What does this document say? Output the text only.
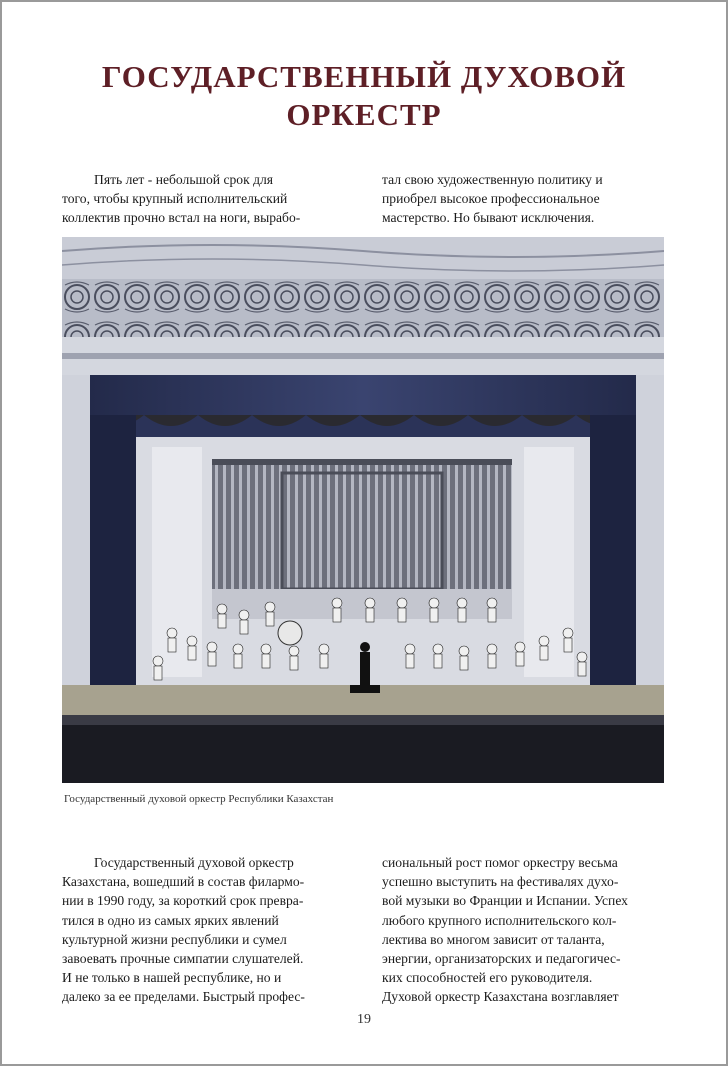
ГОСУДАРСТВЕННЫЙ ДУХОВОЙ
ОРКЕСТР

Пять лет - небольшой срок для

того, чтобы крупный исполнительский

коллектив прочно встал на ноги, вырабо-

тал свою художественную политику и

приобрел высокое профессиональное

мастерство. Но бывают исключения.

Государственный духовой оркестр Республики Казахстан

Государственный духовой оркестр

Казахстана, вошедший в состав филармо-

нии в 1990 году, за короткий срок превра-

тился в одно из самых ярких явлений

культурной жизни республики и сумел

завоевать прочные симпатии слушателей.

И не только в нашей республике, но и

далеко за ее пределами. Быстрый профес-

сиональный рост помог оркестру весьма

успешно выступить на фестивалях духо-

вой музыки во Франции и Испании. Успех

любого крупного исполнительского кол-

лектива во многом зависит от таланта,

энергии, организаторских и педагогичес-

ких способностей его руководителя.

Духовой оркестр Казахстана возглавляет

19
